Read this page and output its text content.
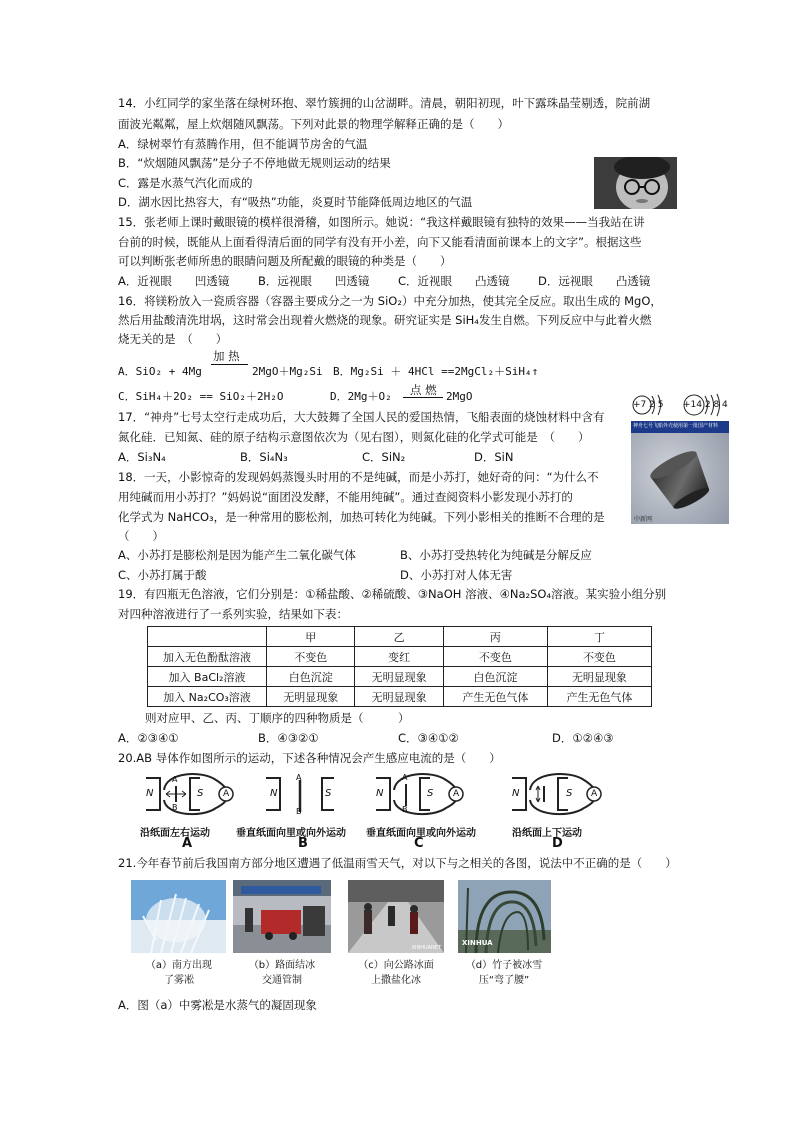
14．小红同学的家坐落在绿树环抱、翠竹簇拥的山岔湖畔。清晨，朝阳初现，叶下露珠晶莹剔透，院前湖
面波光粼粼，屋上炊烟随风飘荡。下列对此景的物理学解释正确的是（　　）
A．绿树翠竹有蒸腾作用，但不能调节房舍的气温
B．“炊烟随风飘荡”是分子不停地做无规则运动的结果
C．露是水蒸气汽化而成的
D．湖水因比热容大，有“吸热”功能，炎夏时节能降低周边地区的气温
15．张老师上课时戴眼镜的模样很滑稽，如图所示。她说：“我这样戴眼镜有独特的效果——当我站在讲
台前的时候，既能从上面看得清后面的同学有没有开小差，向下又能看清面前课本上的文字”。根据这些
可以判断张老师所患的眼睛问题及所配戴的眼镜的种类是（　　）
A．近视眼　　凹透镜 B．远视眼　　凹透镜 C．近视眼　　凸透镜 D．远视眼　　凸透镜
16．将镁粉放入一瓷质容器（容器主要成分之一为 SiO₂）中充分加热，使其完全反应。取出生成的 MgO，
然后用盐酸清洗坩埚，这时常会出现着火燃烧的现象。研究证实是 SiH₄发生自燃。下列反应中与此着火燃
烧无关的是　（　　）
加 热
A．SiO₂ + 4Mg	2MgO＋Mg₂Si B．Mg₂Si ＋ 4HCl ==2MgCl₂＋SiH₄↑
点 燃
C．SiH₄＋2O₂ == SiO₂＋2H₂O	D．2Mg＋O₂	2MgO
+7 2 5 +14 2 8 4
神舟七号飞船外壳使用第一批国产材料
中新网
17．“神舟”七号太空行走成功后，大大鼓舞了全国人民的爱国热情，飞船表面的烧蚀材料中含有
氮化硅．已知氮、硅的原子结构示意图依次为（见右图），则氮化硅的化学式可能是　（　　）
A．Si₃N₄	B．Si₄N₃	C．SiN₂	D．SiN
18．一天，小影惊奇的发现妈妈蒸馒头时用的不是纯碱，而是小苏打，她好奇的问：“为什么不
用纯碱而用小苏打？”妈妈说“面团没发酵，不能用纯碱”。通过查阅资料小影发现小苏打的
化学式为 NaHCO₃，是一种常用的膨松剂，加热可转化为纯碱。下列小影相关的推断不合理的是
（　　）
A、小苏打是膨松剂是因为能产生二氧化碳气体	B、小苏打受热转化为纯碱是分解反应
C、小苏打属于酸	D、小苏打对人体无害
19．有四瓶无色溶液，它们分别是：①稀盐酸、②稀硫酸、③NaOH 溶液、④Na₂SO₄溶液。某实验小组分别
对四种溶液进行了一系列实验，结果如下表：
	甲	乙	丙	丁
加入无色酚酞溶液	不变色	变红	不变色	不变色
加入 BaCl₂溶液	白色沉淀	无明显现象	白色沉淀	无明显现象
加入 Na₂CO₃溶液	无明显现象	无明显现象	产生无色气体	产生无色气体
则对应甲、乙、丙、丁顺序的四种物质是（　　　）
A．②③④①	B．④③②①	C．③④①②	D．①②④③
20.AB 导体作如图所示的运动，下述各种情况会产生感应电流的是（　　）
N	S A
A
B
N	S
A
B
N	S A
A
B
N	S A
沿纸面左右运动	垂直纸面向里或向外运动 垂直纸面向里或向外运动	沿纸面上下运动
A	B	C	D
21.今年春节前后我国南方部分地区遭遇了低温雨雪天气，对以下与之相关的各图，说法中不正确的是（　　）
XINHUANET
XINHUA
（a）南方出现
了雾凇
（b）路面结冰
交通管制
（c）向公路冰面
上撒盐化冰
（d）竹子被冰雪
压“弯了腰”
A．图（a）中雾凇是水蒸气的凝固现象
